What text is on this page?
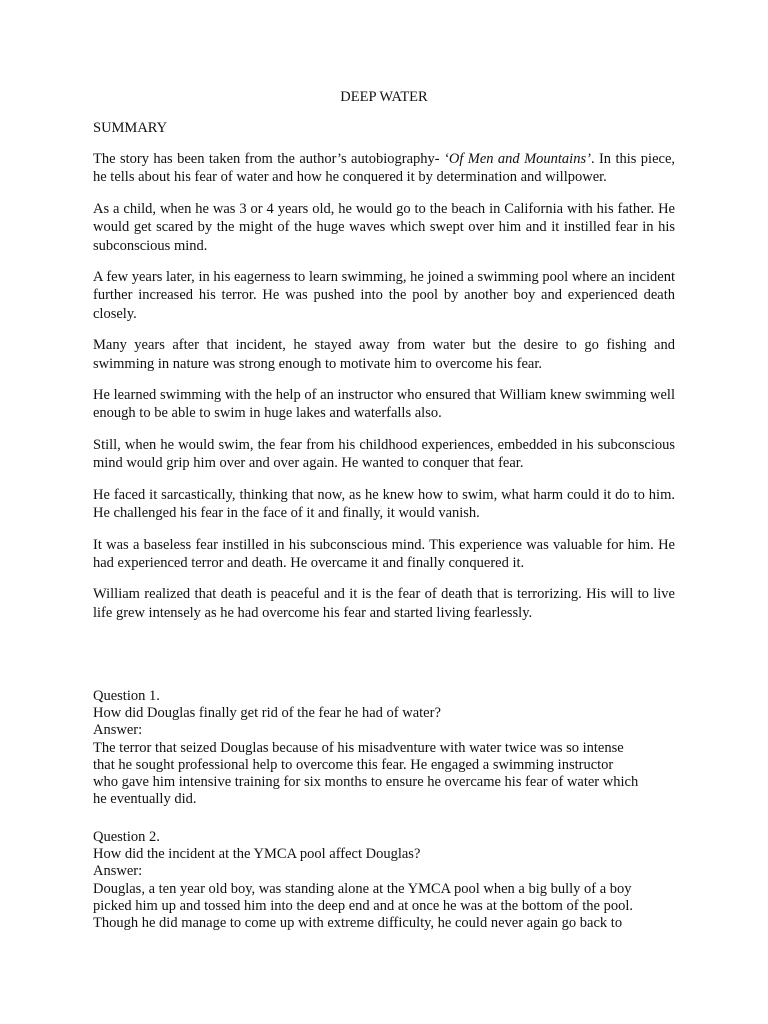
DEEP WATER
SUMMARY

The story has been taken from the author’s autobiography- ‘Of Men and Mountains’. In this piece, he tells about his fear of water and how he conquered it by determination and willpower.

As a child, when he was 3 or 4 years old, he would go to the beach in California with his father. He would get scared by the might of the huge waves which swept over him and it instilled fear in his subconscious mind.

A few years later, in his eagerness to learn swimming, he joined a swimming pool where an incident further increased his terror. He was pushed into the pool by another boy and experienced death closely.

Many years after that incident, he stayed away from water but the desire to go fishing and swimming in nature was strong enough to motivate him to overcome his fear.

He learned swimming with the help of an instructor who ensured that William knew swimming well enough to be able to swim in huge lakes and waterfalls also.

Still, when he would swim, the fear from his childhood experiences, embedded in his subconscious mind would grip him over and over again. He wanted to conquer that fear.

He faced it sarcastically, thinking that now, as he knew how to swim, what harm could it do to him. He challenged his fear in the face of it and finally, it would vanish.

It was a baseless fear instilled in his subconscious mind. This experience was valuable for him. He had experienced terror and death. He overcame it and finally conquered it.

William realized that death is peaceful and it is the fear of death that is terrorizing. His will to live life grew intensely as he had overcome his fear and started living fearlessly.

Question 1.
How did Douglas finally get rid of the fear he had of water?
Answer:
The terror that seized Douglas because of his misadventure with water twice was so intense
that he sought professional help to overcome this fear. He engaged a swimming instructor
who gave him intensive training for six months to ensure he overcame his fear of water which
he eventually did.
Question 2.
How did the incident at the YMCA pool affect Douglas?
Answer:
Douglas, a ten year old boy, was standing alone at the YMCA pool when a big bully of a boy
picked him up and tossed him into the deep end and at once he was at the bottom of the pool.
Though he did manage to come up with extreme difficulty, he could never again go back to
